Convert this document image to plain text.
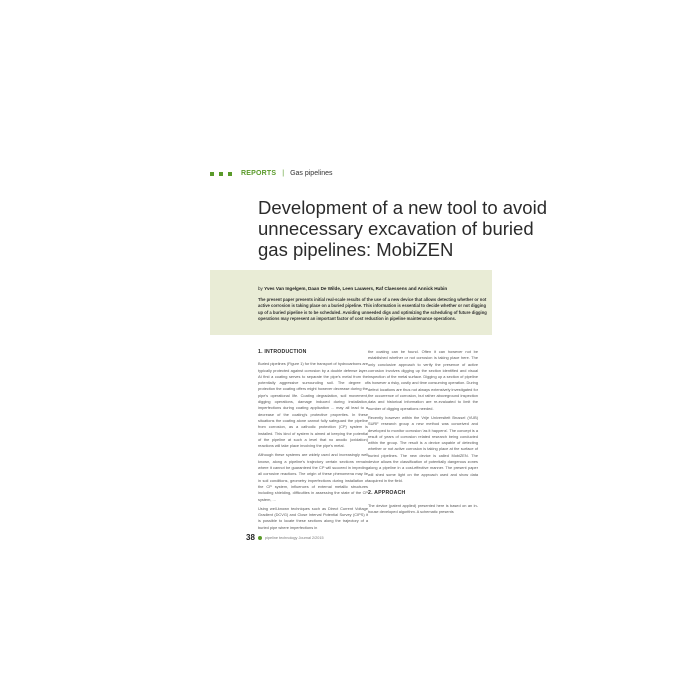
REPORTS | Gas pipelines
Development of a new tool to avoid unnecessary excavation of buried gas pipelines: MobiZEN
by Yves Van Ingelgem, Daan De Wilde, Leen Lauwers, Raf Claessens and Annick Hubin

The present paper presents initial real-scale results of the use of a new device that allows detecting whether or not active corrosion is taking place on a buried pipeline. This information is essential to decide whether or not digging up of a buried pipeline is to be scheduled. Avoiding unneeded digs and optimizing the scheduling of future digging operations may represent an important factor of cost reduction in pipeline maintenance operations.

1. INTRODUCTION

Buried pipelines (Figure 1) for the transport of hydrocarbons are typically protected against corrosion by a double defense layer. At first a coating serves to separate the pipe's metal from the potentially aggressive surrounding soil. The degree of protection the coating offers might however decrease during the pipe's operational life. Coating degradation, soil movement, digging operations, damage induced during installation, imperfections during coating application ... may all lead to a decrease of the coating's protective properties. In these situations the coating alone cannot fully safeguard the pipeline from corrosion, as a cathodic protection (CP) system is installed. This kind of system is aimed at keeping the potential of the pipeline at such a level that no anodic (oxidation) reactions will take place involving the pipe's metal.

Although these systems are widely used and increasingly well known, along a pipeline's trajectory certain sections remain where it cannot be guaranteed the CP will succeed in impeding all corrosive reactions. The origin of these phenomena may lie in soil conditions, geometry imperfections during installation of the CP system, influences of external metallic structures including shielding, difficulties in assessing the state of the CP system, ...

Using well-known techniques such as Direct Current Voltage Gradient (DCVG) and Close Interval Potential Survey (CIPS) it is possible to locate these sections along the trajectory of a buried pipe where imperfections in

the coating can be found. Often it can however not be established whether or not corrosion is taking place here. The only conclusive approach to verify the presence of active corrosion involves digging up the section identified and visual inspection of the metal surface. Digging up a section of pipeline is however a risky, costly and time consuming operation. During defect locations are thus not always extensively investigated for the occurrence of corrosion, but rather aboveground inspection data and historical information are re-evaluated to limit the number of digging operations needed.

Recently however within the Vrije Universiteit Brussel (VUB) SURF research group a new method was conceived and developed to monitor corrosion 'as it happens'. The concept is a result of years of corrosion related research being conducted within the group. The result is a device capable of detecting whether or not active corrosion is taking place at the surface of buried pipelines. The new device is called MobiZEN. The device allows the classification of potentially dangerous zones along a pipeline in a cost-effective manner. The present paper will shed some light on the approach used and show data acquired in the field.

2. APPROACH

The device (patent applied) presented here is based on an in-house developed algorithm. A schematic presents

38	pipeline technology Journal 2/2015
